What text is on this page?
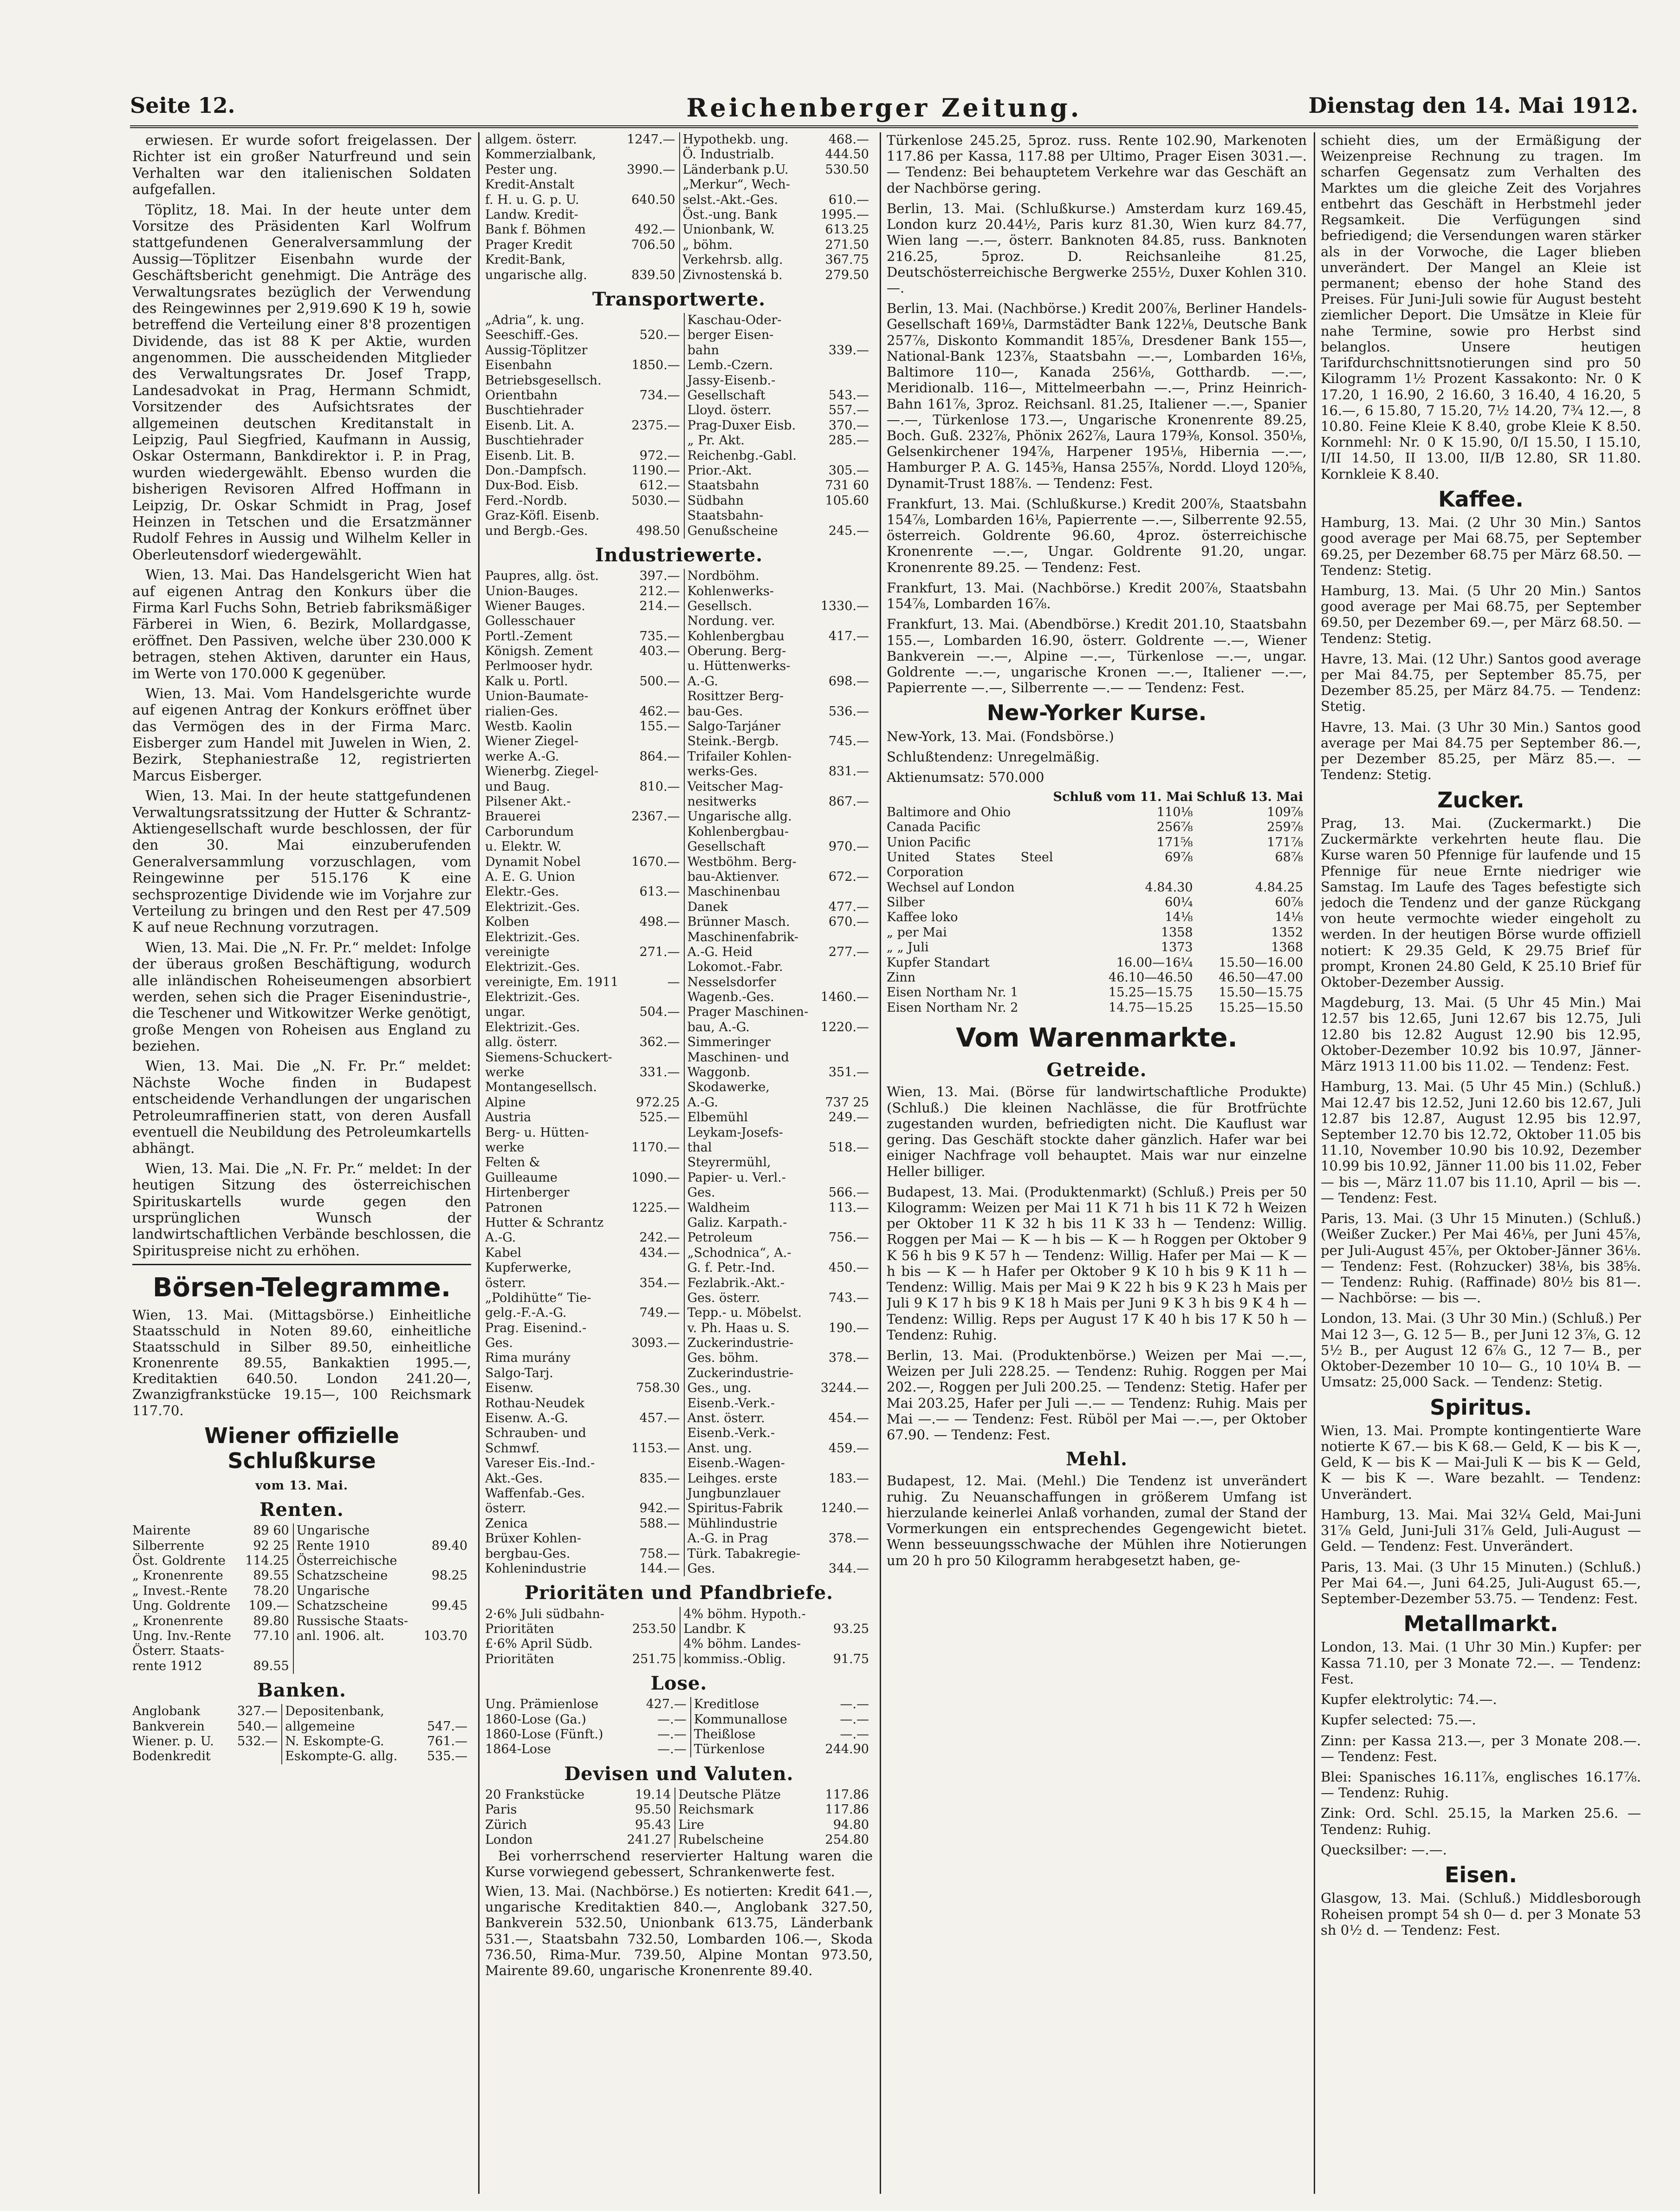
Seite 12.	Reichenberger Zeitung.	Dienstag den 14. Mai 1912.

erwiesen. Er wurde sofort freigelassen. Der Richter ist ein großer Naturfreund und sein Verhalten war den italienischen Soldaten aufgefallen.

Töplitz, 18. Mai. In der heute unter dem Vorsitze des Präsidenten Karl Wolfrum stattgefundenen Generalversammlung der Aussig—Töplitzer Eisenbahn wurde der Geschäftsbericht genehmigt. Die Anträge des Verwaltungsrates bezüglich der Verwendung des Reingewinnes per 2,919.690 K 19 h, sowie betreffend die Verteilung einer 8'8 prozentigen Dividende, das ist 88 K per Aktie, wurden angenommen. Die ausscheidenden Mitglieder des Verwaltungsrates Dr. Josef Trapp, Landesadvokat in Prag, Hermann Schmidt, Vorsitzender des Aufsichtsrates der allgemeinen deutschen Kreditanstalt in Leipzig, Paul Siegfried, Kaufmann in Aussig, Oskar Ostermann, Bankdirektor i. P. in Prag, wurden wiedergewählt. Ebenso wurden die bisherigen Revisoren Alfred Hoffmann in Leipzig, Dr. Oskar Schmidt in Prag, Josef Heinzen in Tetschen und die Ersatzmänner Rudolf Fehres in Aussig und Wilhelm Keller in Oberleutensdorf wiedergewählt.

Wien, 13. Mai. Das Handelsgericht Wien hat auf eigenen Antrag den Konkurs über die Firma Karl Fuchs Sohn, Betrieb fabriksmäßiger Färberei in Wien, 6. Bezirk, Mollardgasse, eröffnet. Den Passiven, welche über 230.000 K betragen, stehen Aktiven, darunter ein Haus, im Werte von 170.000 K gegenüber.

Wien, 13. Mai. Vom Handelsgerichte wurde auf eigenen Antrag der Konkurs eröffnet über das Vermögen des in der Firma Marc. Eisberger zum Handel mit Juwelen in Wien, 2. Bezirk, Stephaniestraße 12, registrierten Marcus Eisberger.

Wien, 13. Mai. In der heute stattgefundenen Verwaltungsratssitzung der Hutter & Schrantz-Aktiengesellschaft wurde beschlossen, der für den 30. Mai einzuberufenden Generalversammlung vorzuschlagen, vom Reingewinne per 515.176 K eine sechsprozentige Dividende wie im Vorjahre zur Verteilung zu bringen und den Rest per 47.509 K auf neue Rechnung vorzutragen.

Wien, 13. Mai. Die „N. Fr. Pr.“ meldet: Infolge der überaus großen Beschäftigung, wodurch alle inländischen Roheiseumengen absorbiert werden, sehen sich die Prager Eisenindustrie-, die Teschener und Witkowitzer Werke genötigt, große Mengen von Roheisen aus England zu beziehen.

Wien, 13. Mai. Die „N. Fr. Pr.“ meldet: Nächste Woche finden in Budapest entscheidende Verhandlungen der ungarischen Petroleumraffinerien statt, von deren Ausfall eventuell die Neubildung des Petroleumkartells abhängt.

Wien, 13. Mai. Die „N. Fr. Pr.“ meldet: In der heutigen Sitzung des österreichischen Spirituskartells wurde gegen den ursprünglichen Wunsch der landwirtschaftlichen Verbände beschlossen, die Spirituspreise nicht zu erhöhen.

Börsen-Telegramme.
Wien, 13. Mai. (Mittagsbörse.) Einheitliche Staatsschuld in Noten 89.60, einheitliche Staatsschuld in Silber 89.50, einheitliche Kronenrente 89.55, Bankaktien 1995.—, Kreditaktien 640.50. London 241.20—, Zwanzigfrankstücke 19.15—, 100 Reichsmark 117.70.
Wiener offizielle Schlußkurse
vom 13. Mai.
Renten.
Mairente	89 60	Ungarische	
Silberrente	92 25	Rente 1910	89.40
Öst. Goldrente	114.25	Österreichische	
„ Kronenrente	89.55	Schatzscheine	98.25
„ Invest.-Rente	78.20	Ungarische	
Ung. Goldrente	109.—	Schatzscheine	99.45
„ Kronenrente	89.80	Russische Staats-	
Ung. Inv.-Rente	77.10	anl. 1906. alt.	103.70
Österr. Staats-			
rente 1912	89.55		
Banken.
Anglobank	327.—	Depositenbank,	
Bankverein	540.—	allgemeine	547.—
Wiener. p. U.	532.—	N. Eskompte-G.	761.—
Bodenkredit		Eskompte-G. allg.	535.—
allgem. österr.	1247.—	Hypothekb. ung.	468.—
Kommerzialbank,		Ö. Industrialb.	444.50
Pester ung.	3990.—	Länderbank p.U.	530.50
Kredit-Anstalt		„Merkur“, Wech-	
f. H. u. G. p. U.	640.50	selst.-Akt.-Ges.	610.—
Landw. Kredit-		Öst.-ung. Bank	1995.—
Bank f. Böhmen	492.—	Unionbank, W.	613.25
Prager Kredit	706.50	„ böhm.	271.50
Kredit-Bank,		Verkehrsb. allg.	367.75
ungarische allg.	839.50	Zivnostenská b.	279.50
Transportwerte.
„Adria“, k. ung.		Kaschau-Oder-	
Seeschiff.-Ges.	520.—	berger Eisen-	
Aussig-Töplitzer		bahn	339.—
Eisenbahn	1850.—	Lemb.-Czern.	
Betriebsgesellsch.		Jassy-Eisenb.-	
Orientbahn	734.—	Gesellschaft	543.—
Buschtiehrader		Lloyd. österr.	557.—
Eisenb. Lit. A.	2375.—	Prag-Duxer Eisb.	370.—
Buschtiehrader		„ Pr. Akt.	285.—
Eisenb. Lit. B.	972.—	Reichenbg.-Gabl.	
Don.-Dampfsch.	1190.—	Prior.-Akt.	305.—
Dux-Bod. Eisb.	612.—	Staatsbahn	731 60
Ferd.-Nordb.	5030.—	Südbahn	105.60
Graz-Köfl. Eisenb.		Staatsbahn-	
und Bergb.-Ges.	498.50	Genußscheine	245.—
Industriewerte.
Paupres, allg. öst.	397.—	Nordböhm.	
Union-Bauges.	212.—	Kohlenwerks-	
Wiener Bauges.	214.—	Gesellsch.	1330.—
Gollesschauer		Nordung. ver.	
Portl.-Zement	735.—	Kohlenbergbau	417.—
Königsh. Zement	403.—	Oberung. Berg-	
Perlmooser hydr.		u. Hüttenwerks-	
Kalk u. Portl.	500.—	A.-G.	698.—
Union-Baumate-		Rosittzer Berg-	
rialien-Ges.	462.—	bau-Ges.	536.—
Westb. Kaolin	155.—	Salgo-Tarjáner	
Wiener Ziegel-		Steink.-Bergb.	745.—
werke A.-G.	864.—	Trifailer Kohlen-	
Wienerbg. Ziegel-		werks-Ges.	831.—
und Baug.	810.—	Veitscher Mag-	
Pilsener Akt.-		nesitwerks	867.—
Brauerei	2367.—	Ungarische allg.	
Carborundum		Kohlenbergbau-	
u. Elektr. W.		Gesellschaft	970.—
Dynamit Nobel	1670.—	Westböhm. Berg-	
A. E. G. Union		bau-Aktienver.	672.—
Elektr.-Ges.	613.—	Maschinenbau	
Elektrizit.-Ges.		Danek	477.—
Kolben	498.—	Brünner Masch.	670.—
Elektrizit.-Ges.		Maschinenfabrik-	
vereinigte	271.—	A.-G. Heid	277.—
Elektrizit.-Ges.		Lokomot.-Fabr.	
vereinigte, Em. 1911	—	Nesselsdorfer	
Elektrizit.-Ges.		Wagenb.-Ges.	1460.—
ungar.	504.—	Prager Maschinen-	
Elektrizit.-Ges.		bau, A.-G.	1220.—
allg. österr.	362.—	Simmeringer	
Siemens-Schuckert-		Maschinen- und	
werke	331.—	Waggonb.	351.—
Montangesellsch.		Skodawerke,	
Alpine	972.25	A.-G.	737 25
Austria	525.—	Elbemühl	249.—
Berg- u. Hütten-		Leykam-Josefs-	
werke	1170.—	thal	518.—
Felten &		Steyrermühl,	
Guilleaume	1090.—	Papier- u. Verl.-	
Hirtenberger		Ges.	566.—
Patronen	1225.—	Waldheim	113.—
Hutter & Schrantz		Galiz. Karpath.-	
A.-G.	242.—	Petroleum	756.—
Kabel	434.—	„Schodnica“, A.-	
Kupferwerke,		G. f. Petr.-Ind.	450.—
österr.	354.—	Fezlabrik.-Akt.-	
„Poldihütte“ Tie-		Ges. österr.	743.—
gelg.-F.-A.-G.	749.—	Tepp.- u. Möbelst.	
Prag. Eisenind.-		v. Ph. Haas u. S.	190.—
Ges.	3093.—	Zuckerindustrie-	
Rima murány		Ges. böhm.	378.—
Salgo-Tarj.		Zuckerindustrie-	
Eisenw.	758.30	Ges., ung.	3244.—
Rothau-Neudek		Eisenb.-Verk.-	
Eisenw. A.-G.	457.—	Anst. österr.	454.—
Schrauben- und		Eisenb.-Verk.-	
Schmwf.	1153.—	Anst. ung.	459.—
Vareser Eis.-Ind.-		Eisenb.-Wagen-	
Akt.-Ges.	835.—	Leihges. erste	183.—
Waffenfab.-Ges.		Jungbunzlauer	
österr.	942.—	Spiritus-Fabrik	1240.—
Zenica	588.—	Mühlindustrie	
Brüxer Kohlen-		A.-G. in Prag	378.—
bergbau-Ges.	758.—	Türk. Tabakregie-	
Kohlenindustrie	144.—	Ges.	344.—
Prioritäten und Pfandbriefe.
2·6% Juli südbahn-		4% böhm. Hypoth.-	
Prioritäten	253.50	Landbr. K	93.25
£·6% April Südb.		4% böhm. Landes-	
Prioritäten	251.75	kommiss.-Oblig.	91.75
Lose.
Ung. Prämienlose	427.—	Kreditlose	—.—
1860-Lose (Ga.)	—.—	Kommunallose	—.—
1860-Lose (Fünft.)	—.—	Theißlose	—.—
1864-Lose	—.—	Türkenlose	244.90
Devisen und Valuten.
20 Frankstücke	19.14	Deutsche Plätze	117.86
Paris	95.50	Reichsmark	117.86
Zürich	95.43	Lire	94.80
London	241.27	Rubelscheine	254.80

Bei vorherrschend reservierter Haltung waren die Kurse vorwiegend gebessert, Schrankenwerte fest.

Wien, 13. Mai. (Nachbörse.) Es notierten: Kredit 641.—, ungarische Kreditaktien 840.—, Anglobank 327.50, Bankverein 532.50, Unionbank 613.75, Länderbank 531.—, Staatsbahn 732.50, Lombarden 106.—, Skoda 736.50, Rima-Mur. 739.50, Alpine Montan 973.50, Mairente 89.60, ungarische Kronenrente 89.40.
Türkenlose 245.25, 5proz. russ. Rente 102.90, Markenoten 117.86 per Kassa, 117.88 per Ultimo, Prager Eisen 3031.—. — Tendenz: Bei behauptetem Verkehre war das Geschäft an der Nachbörse gering.
Berlin, 13. Mai. (Schlußkurse.) Amsterdam kurz 169.45, London kurz 20.44½, Paris kurz 81.30, Wien kurz 84.77, Wien lang —.—, österr. Banknoten 84.85, russ. Banknoten 216.25, 5proz. D. Reichsanleihe 81.25, Deutschösterreichische Bergwerke 255½, Duxer Kohlen 310.—.
Berlin, 13. Mai. (Nachbörse.) Kredit 200⅞, Berliner Handels-Gesellschaft 169⅛, Darmstädter Bank 122⅛, Deutsche Bank 257⅞, Diskonto Kommandit 185⅞, Dresdener Bank 155—, National-Bank 123⅞, Staatsbahn —.—, Lombarden 16⅛, Baltimore 110—, Kanada 256⅛, Gotthardb. —.—, Meridionalb. 116—, Mittelmeerbahn —.—, Prinz Heinrich-Bahn 161⅞, 3proz. Reichsanl. 81.25, Italiener —.—, Spanier —.—, Türkenlose 173.—, Ungarische Kronenrente 89.25, Boch. Guß. 232⅞, Phönix 262⅞, Laura 179⅜, Konsol. 350⅛, Gelsenkirchener 194⅞, Harpener 195⅛, Hibernia —.—, Hamburger P. A. G. 145⅜, Hansa 255⅞, Nordd. Lloyd 120⅝, Dynamit-Trust 188⅞. — Tendenz: Fest.
Frankfurt, 13. Mai. (Schlußkurse.) Kredit 200⅞, Staatsbahn 154⅞, Lombarden 16⅛, Papierrente —.—, Silberrente 92.55, österreich. Goldrente 96.60, 4proz. österreichische Kronenrente —.—, Ungar. Goldrente 91.20, ungar. Kronenrente 89.25. — Tendenz: Fest.
Frankfurt, 13. Mai. (Nachbörse.) Kredit 200⅞, Staatsbahn 154⅞, Lombarden 16⅞.
Frankfurt, 13. Mai. (Abendbörse.) Kredit 201.10, Staatsbahn 155.—, Lombarden 16.90, österr. Goldrente —.—, Wiener Bankverein —.—, Alpine —.—, Türkenlose —.—, ungar. Goldrente —.—, ungarische Kronen —.—, Italiener —.—, Papierrente —.—, Silberrente —.— — Tendenz: Fest.
New-Yorker Kurse.
New-York, 13. Mai. (Fondsbörse.)
Schlußtendenz: Unregelmäßig.
Aktienumsatz: 570.000
	Schluß vom 11. Mai	Schluß 13. Mai
Baltimore and Ohio	110⅛	109⅞
Canada Pacific	256⅞	259⅞
Union Pacific	171⅝	171⅞
United States Steel Corporation	69⅞	68⅞
Wechsel auf London	4.84.30	4.84.25
Silber	60¼	60⅞
Kaffee loko	14⅛	14⅛
„ per Mai	1358	1352
„ „ Juli	1373	1368
Kupfer Standart	16.00—16¼	15.50—16.00
Zinn	46.10—46.50	46.50—47.00
Eisen Northam Nr. 1	15.25—15.75	15.50—15.75
Eisen Northam Nr. 2	14.75—15.25	15.25—15.50
Vom Warenmarkte.
Getreide.
Wien, 13. Mai. (Börse für landwirtschaftliche Produkte) (Schluß.) Die kleinen Nachlässe, die für Brotfrüchte zugestanden wurden, befriedigten nicht. Die Kauflust war gering. Das Geschäft stockte daher gänzlich. Hafer war bei einiger Nachfrage voll behauptet. Mais war nur einzelne Heller billiger.
Budapest, 13. Mai. (Produktenmarkt) (Schluß.) Preis per 50 Kilogramm: Weizen per Mai 11 K 71 h bis 11 K 72 h Weizen per Oktober 11 K 32 h bis 11 K 33 h — Tendenz: Willig. Roggen per Mai — K — h bis — K — h Roggen per Oktober 9 K 56 h bis 9 K 57 h — Tendenz: Willig. Hafer per Mai — K — h bis — K — h Hafer per Oktober 9 K 10 h bis 9 K 11 h — Tendenz: Willig. Mais per Mai 9 K 22 h bis 9 K 23 h Mais per Juli 9 K 17 h bis 9 K 18 h Mais per Juni 9 K 3 h bis 9 K 4 h — Tendenz: Willig. Reps per August 17 K 40 h bis 17 K 50 h — Tendenz: Ruhig.
Berlin, 13. Mai. (Produktenbörse.) Weizen per Mai —.—, Weizen per Juli 228.25. — Tendenz: Ruhig. Roggen per Mai 202.—, Roggen per Juli 200.25. — Tendenz: Stetig. Hafer per Mai 203.25, Hafer per Juli —.— — Tendenz: Ruhig. Mais per Mai —.— — Tendenz: Fest. Rüböl per Mai —.—, per Oktober 67.90. — Tendenz: Fest.
Mehl.
Budapest, 12. Mai. (Mehl.) Die Tendenz ist unverändert ruhig. Zu Neuanschaffungen in größerem Umfang ist hierzulande keinerlei Anlaß vorhanden, zumal der Stand der Vormerkungen ein entsprechendes Gegengewicht bietet. Wenn besseuungsschwache der Mühlen ihre Notierungen um 20 h pro 50 Kilogramm herabgesetzt haben, ge-
schieht dies, um der Ermäßigung der Weizenpreise Rechnung zu tragen. Im scharfen Gegensatz zum Verhalten des Marktes um die gleiche Zeit des Vorjahres entbehrt das Geschäft in Herbstmehl jeder Regsamkeit. Die Verfügungen sind befriedigend; die Versendungen waren stärker als in der Vorwoche, die Lager blieben unverändert. Der Mangel an Kleie ist permanent; ebenso der hohe Stand des Preises. Für Juni-Juli sowie für August besteht ziemlicher Deport. Die Umsätze in Kleie für nahe Termine, sowie pro Herbst sind belanglos. Unsere heutigen Tarifdurchschnittsnotierungen sind pro 50 Kilogramm 1½ Prozent Kassakonto: Nr. 0 K 17.20, 1 16.90, 2 16.60, 3 16.40, 4 16.20, 5 16.—, 6 15.80, 7 15.20, 7½ 14.20, 7¾ 12.—, 8 10.80. Feine Kleie K 8.40, grobe Kleie K 8.50. Kornmehl: Nr. 0 K 15.90, 0/I 15.50, I 15.10, I/II 14.50, II 13.00, II/B 12.80, SR 11.80. Kornkleie K 8.40.
Kaffee.
Hamburg, 13. Mai. (2 Uhr 30 Min.) Santos good average per Mai 68.75, per September 69.25, per Dezember 68.75 per März 68.50. — Tendenz: Stetig.
Hamburg, 13. Mai. (5 Uhr 20 Min.) Santos good average per Mai 68.75, per September 69.50, per Dezember 69.—, per März 68.50. — Tendenz: Stetig.
Havre, 13. Mai. (12 Uhr.) Santos good average per Mai 84.75, per September 85.75, per Dezember 85.25, per März 84.75. — Tendenz: Stetig.
Havre, 13. Mai. (3 Uhr 30 Min.) Santos good average per Mai 84.75 per September 86.—, per Dezember 85.25, per März 85.—. — Tendenz: Stetig.
Zucker.
Prag, 13. Mai. (Zuckermarkt.) Die Zuckermärkte verkehrten heute flau. Die Kurse waren 50 Pfennige für laufende und 15 Pfennige für neue Ernte niedriger wie Samstag. Im Laufe des Tages befestigte sich jedoch die Tendenz und der ganze Rückgang von heute vermochte wieder eingeholt zu werden. In der heutigen Börse wurde offiziell notiert: K 29.35 Geld, K 29.75 Brief für prompt, Kronen 24.80 Geld, K 25.10 Brief für Oktober-Dezember Aussig.
Magdeburg, 13. Mai. (5 Uhr 45 Min.) Mai 12.57 bis 12.65, Juni 12.67 bis 12.75, Juli 12.80 bis 12.82 August 12.90 bis 12.95, Oktober-Dezember 10.92 bis 10.97, Jänner-März 1913 11.00 bis 11.02. — Tendenz: Fest.
Hamburg, 13. Mai. (5 Uhr 45 Min.) (Schluß.) Mai 12.47 bis 12.52, Juni 12.60 bis 12.67, Juli 12.87 bis 12.87, August 12.95 bis 12.97, September 12.70 bis 12.72, Oktober 11.05 bis 11.10, November 10.90 bis 10.92, Dezember 10.99 bis 10.92, Jänner 11.00 bis 11.02, Feber — bis —, März 11.07 bis 11.10, April — bis —. — Tendenz: Fest.
Paris, 13. Mai. (3 Uhr 15 Minuten.) (Schluß.) (Weißer Zucker.) Per Mai 46⅛, per Juni 45⅞, per Juli-August 45⅞, per Oktober-Jänner 36⅛. — Tendenz: Fest. (Rohzucker) 38⅛, bis 38⅝. — Tendenz: Ruhig. (Raffinade) 80½ bis 81—. — Nachbörse: — bis —.
London, 13. Mai. (3 Uhr 30 Min.) (Schluß.) Per Mai 12 3—, G. 12 5— B., per Juni 12 3⅞, G. 12 5½ B., per August 12 6⅞ G., 12 7— B., per Oktober-Dezember 10 10— G., 10 10¼ B. — Umsatz: 25,000 Sack. — Tendenz: Stetig.
Spiritus.
Wien, 13. Mai. Prompte kontingentierte Ware notierte K 67.— bis K 68.— Geld, K — bis K —, Geld, K — bis K — Mai-Juli K — bis K — Geld, K — bis K —. Ware bezahlt. — Tendenz: Unverändert.
Hamburg, 13. Mai. Mai 32¼ Geld, Mai-Juni 31⅞ Geld, Juni-Juli 31⅞ Geld, Juli-August — Geld. — Tendenz: Fest. Unverändert.
Paris, 13. Mai. (3 Uhr 15 Minuten.) (Schluß.) Per Mai 64.—, Juni 64.25, Juli-August 65.—, September-Dezember 53.75. — Tendenz: Fest.
Metallmarkt.
London, 13. Mai. (1 Uhr 30 Min.) Kupfer: per Kassa 71.10, per 3 Monate 72.—. — Tendenz: Fest.
Kupfer elektrolytic: 74.—.
Kupfer selected: 75.—.
Zinn: per Kassa 213.—, per 3 Monate 208.—. — Tendenz: Fest.
Blei: Spanisches 16.11⅞, englisches 16.17⅞. — Tendenz: Ruhig.
Zink: Ord. Schl. 25.15, la Marken 25.6. — Tendenz: Ruhig.
Quecksilber: —.—.
Eisen.
Glasgow, 13. Mai. (Schluß.) Middlesborough Roheisen prompt 54 sh 0— d. per 3 Monate 53 sh 0½ d. — Tendenz: Fest.
